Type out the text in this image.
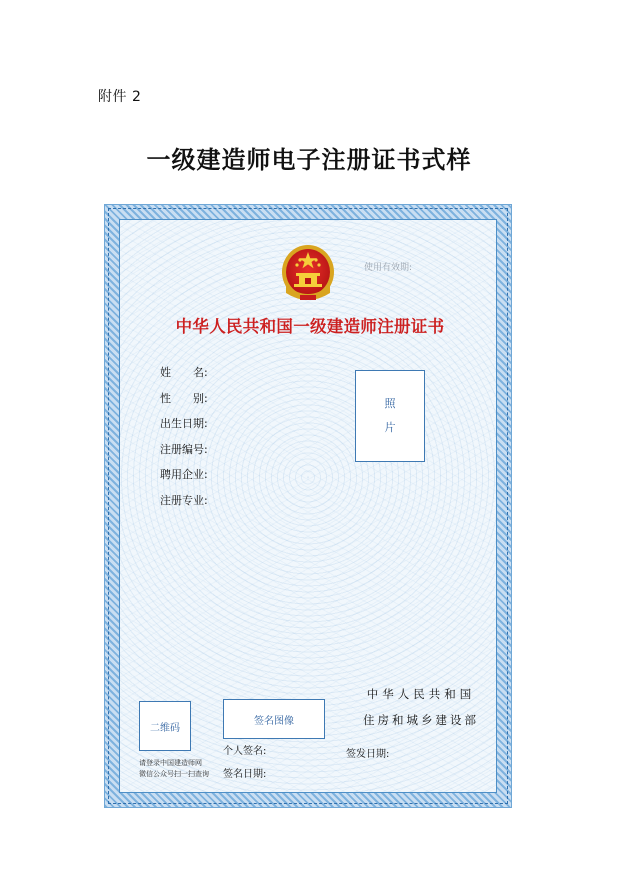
附件 2
一级建造师电子注册证书式样
使用有效期:
中华人民共和国一级建造师注册证书
姓　　名:
性　　别:
出生日期:
注册编号:
聘用企业:
注册专业:
照
片
二维码
请登录中国建造师网
微信公众号扫一扫查询
签名图像
个人签名:
签名日期:
中华人民共和国
住房和城乡建设部
签发日期:
